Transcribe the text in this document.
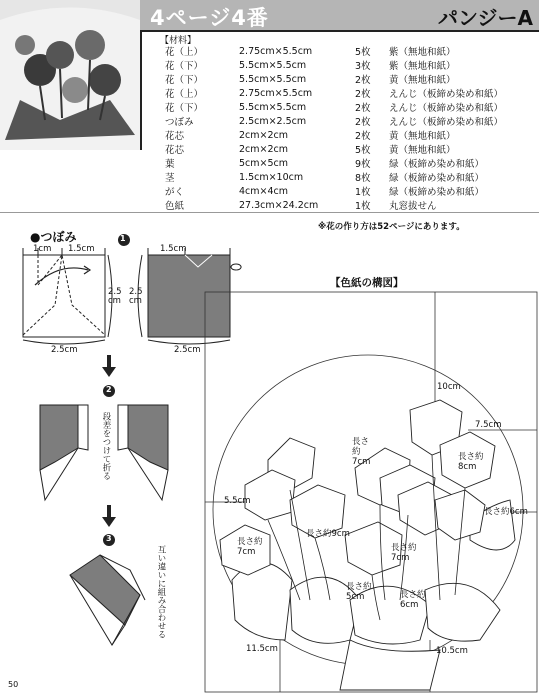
4ページ4番	パンジーA
【材料】
花（上）	2.75cm×5.5cm	5枚	紫（無地和紙）
花（下）	5.5cm×5.5cm	3枚	紫（無地和紙）
花（下）	5.5cm×5.5cm	2枚	黄（無地和紙）
花（上）	2.75cm×5.5cm	2枚	えんじ（板締め染め和紙）
花（下）	5.5cm×5.5cm	2枚	えんじ（板締め染め和紙）
つぼみ	2.5cm×2.5cm	2枚	えんじ（板締め染め和紙）
花芯	2cm×2cm	2枚	黄（無地和紙）
花芯	2cm×2cm	5枚	黄（無地和紙）
葉	5cm×5cm	9枚	緑（板締め染め和紙）
茎	1.5cm×10cm	8枚	緑（板締め染め和紙）
がく	4cm×4cm	1枚	緑（板締め染め和紙）
色紙	27.3cm×24.2cm	1枚	丸窓拔せん
※花の作り方は52ページにあります。
●つぼみ
1cm 1.5cm	1.5cm
2.5 cm
2.5 cm
2.5cm	2.5cm
1
2
3
段差をつけて折る
互い違いに組み合わせる
【色紙の構図】
10cm
7.5cm
5.5cm
11.5cm	10.5cm
長さ約7cm	長さ約8cm
長さ約6cm
長さ約9cm
長さ約7cm	長さ約7cm
長さ約5cm	長さ約6cm
50
